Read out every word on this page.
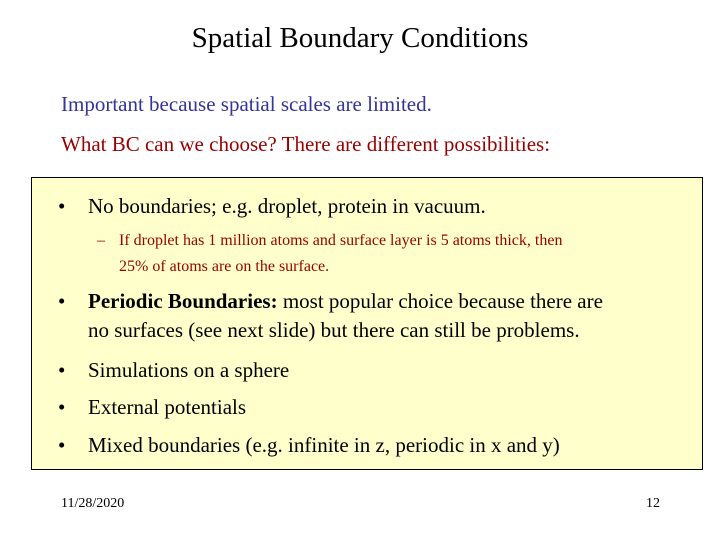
Spatial Boundary Conditions
Important because spatial scales are limited.
What BC can we choose? There are different possibilities:
• No boundaries; e.g. droplet, protein in vacuum.
– If droplet has 1 million atoms and surface layer is 5 atoms thick, then
25% of atoms are on the surface.
• Periodic Boundaries: most popular choice because there are
no surfaces (see next slide) but there can still be problems.
• Simulations on a sphere
• External potentials
• Mixed boundaries (e.g. infinite in z, periodic in x and y)
11/28/2020	12
